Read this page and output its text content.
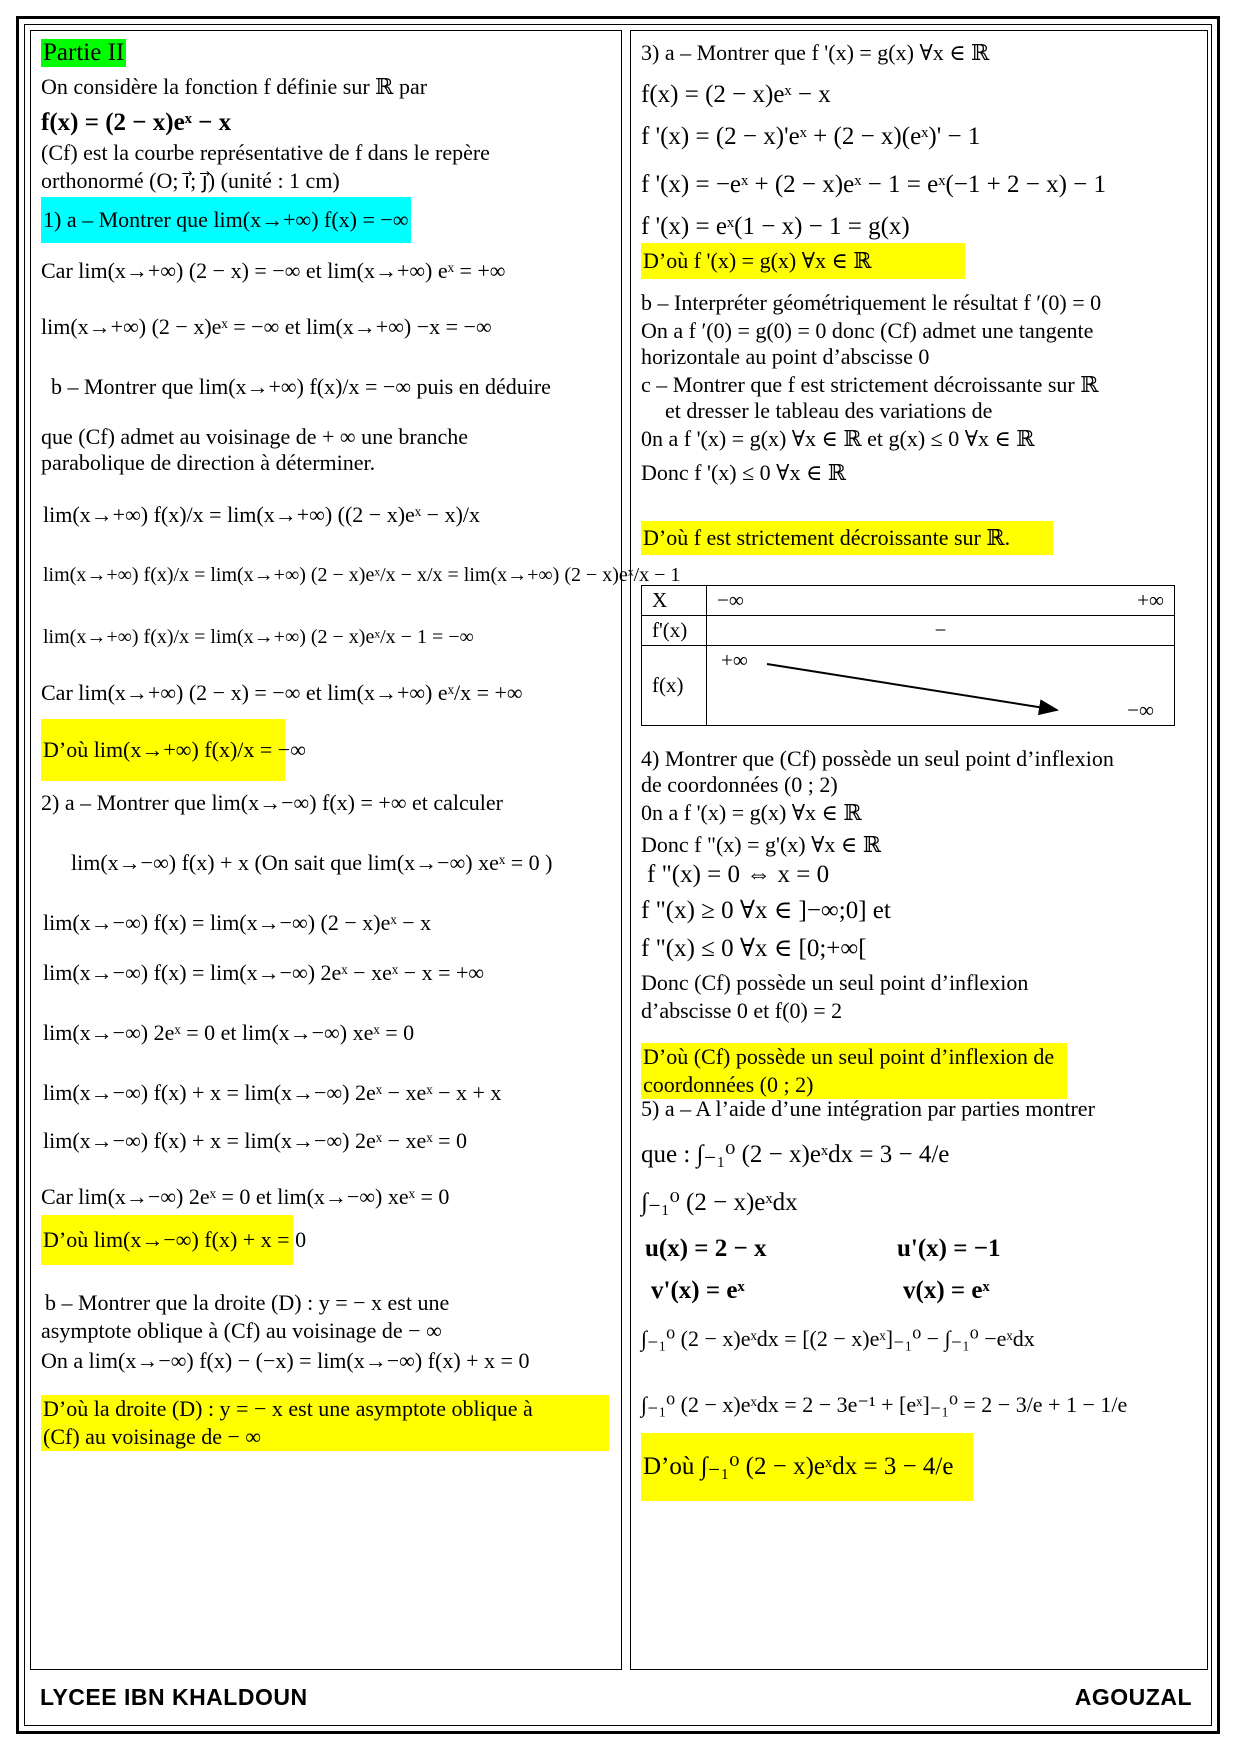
Partie II
On considère la fonction f définie sur ℝ par
f(x) = (2 − x)eˣ − x
(Cf) est la courbe représentative de f dans le repère
orthonormé (O; i⃗; j⃗) (unité : 1 cm)
1) a – Montrer que lim(x→+∞) f(x) = −∞
Car lim(x→+∞) (2 − x) = −∞ et lim(x→+∞) eˣ = +∞
lim(x→+∞) (2 − x)eˣ = −∞ et lim(x→+∞) −x = −∞
b – Montrer que lim(x→+∞) f(x)/x = −∞ puis en déduire
que (Cf) admet au voisinage de + ∞ une branche
parabolique de direction à déterminer.
lim(x→+∞) f(x)/x = lim(x→+∞) ((2 − x)eˣ − x)/x
lim(x→+∞) f(x)/x = lim(x→+∞) (2 − x)eˣ/x − x/x = lim(x→+∞) (2 − x)eˣ/x − 1
lim(x→+∞) f(x)/x = lim(x→+∞) (2 − x)eˣ/x − 1 = −∞
Car lim(x→+∞) (2 − x) = −∞ et lim(x→+∞) eˣ/x = +∞
D’où lim(x→+∞) f(x)/x = −∞
2) a – Montrer que lim(x→−∞) f(x) = +∞ et calculer
lim(x→−∞) f(x) + x (On sait que lim(x→−∞) xeˣ = 0 )
lim(x→−∞) f(x) = lim(x→−∞) (2 − x)eˣ − x
lim(x→−∞) f(x) = lim(x→−∞) 2eˣ − xeˣ − x = +∞
lim(x→−∞) 2eˣ = 0 et lim(x→−∞) xeˣ = 0
lim(x→−∞) f(x) + x = lim(x→−∞) 2eˣ − xeˣ − x + x
lim(x→−∞) f(x) + x = lim(x→−∞) 2eˣ − xeˣ = 0
Car lim(x→−∞) 2eˣ = 0 et lim(x→−∞) xeˣ = 0
D’où lim(x→−∞) f(x) + x = 0
b – Montrer que la droite (D) : y = − x est une
asymptote oblique à (Cf) au voisinage de − ∞
On a lim(x→−∞) f(x) − (−x) = lim(x→−∞) f(x) + x = 0
D’où la droite (D) : y = − x est une asymptote oblique à
(Cf) au voisinage de − ∞
3) a – Montrer que f '(x) = g(x) ∀x ∈ ℝ
f(x) = (2 − x)eˣ − x
f '(x) = (2 − x)'eˣ + (2 − x)(eˣ)' − 1
f '(x) = −eˣ + (2 − x)eˣ − 1 = eˣ(−1 + 2 − x) − 1
f '(x) = eˣ(1 − x) − 1 = g(x)
D’où f '(x) = g(x) ∀x ∈ ℝ
b – Interpréter géométriquement le résultat f ′(0) = 0
On a f ′(0) = g(0) = 0 donc (Cf) admet une tangente
horizontale au point d’abscisse 0
c – Montrer que f est strictement décroissante sur ℝ
et dresser le tableau des variations de
0n a f '(x) = g(x) ∀x ∈ ℝ et g(x) ≤ 0 ∀x ∈ ℝ
Donc f '(x) ≤ 0 ∀x ∈ ℝ
D’où f est strictement décroissante sur ℝ.
X	−∞ +∞

f'(x)	−
f(x)	+∞
−∞
4) Montrer que (Cf) possède un seul point d’inflexion
de coordonnées (0 ; 2)
0n a f '(x) = g(x) ∀x ∈ ℝ
Donc f "(x) = g'(x) ∀x ∈ ℝ
f "(x) = 0 ⇔ x = 0
f "(x) ≥ 0 ∀x ∈ ]−∞;0] et
f "(x) ≤ 0 ∀x ∈ [0;+∞[
Donc (Cf) possède un seul point d’inflexion
d’abscisse 0 et f(0) = 2
D’où (Cf) possède un seul point d’inflexion de
coordonnées (0 ; 2)
5) a – A l’aide d’une intégration par parties montrer
que : ∫₋₁⁰ (2 − x)eˣdx = 3 − 4/e
∫₋₁⁰ (2 − x)eˣdx
u(x) = 2 − x	u'(x) = −1
v'(x) = eˣ	v(x) = eˣ
∫₋₁⁰ (2 − x)eˣdx = [(2 − x)eˣ]₋₁⁰ − ∫₋₁⁰ −eˣdx
∫₋₁⁰ (2 − x)eˣdx = 2 − 3e⁻¹ + [eˣ]₋₁⁰ = 2 − 3/e + 1 − 1/e
D’où ∫₋₁⁰ (2 − x)eˣdx = 3 − 4/e
LYCEE IBN KHALDOUN	AGOUZAL
